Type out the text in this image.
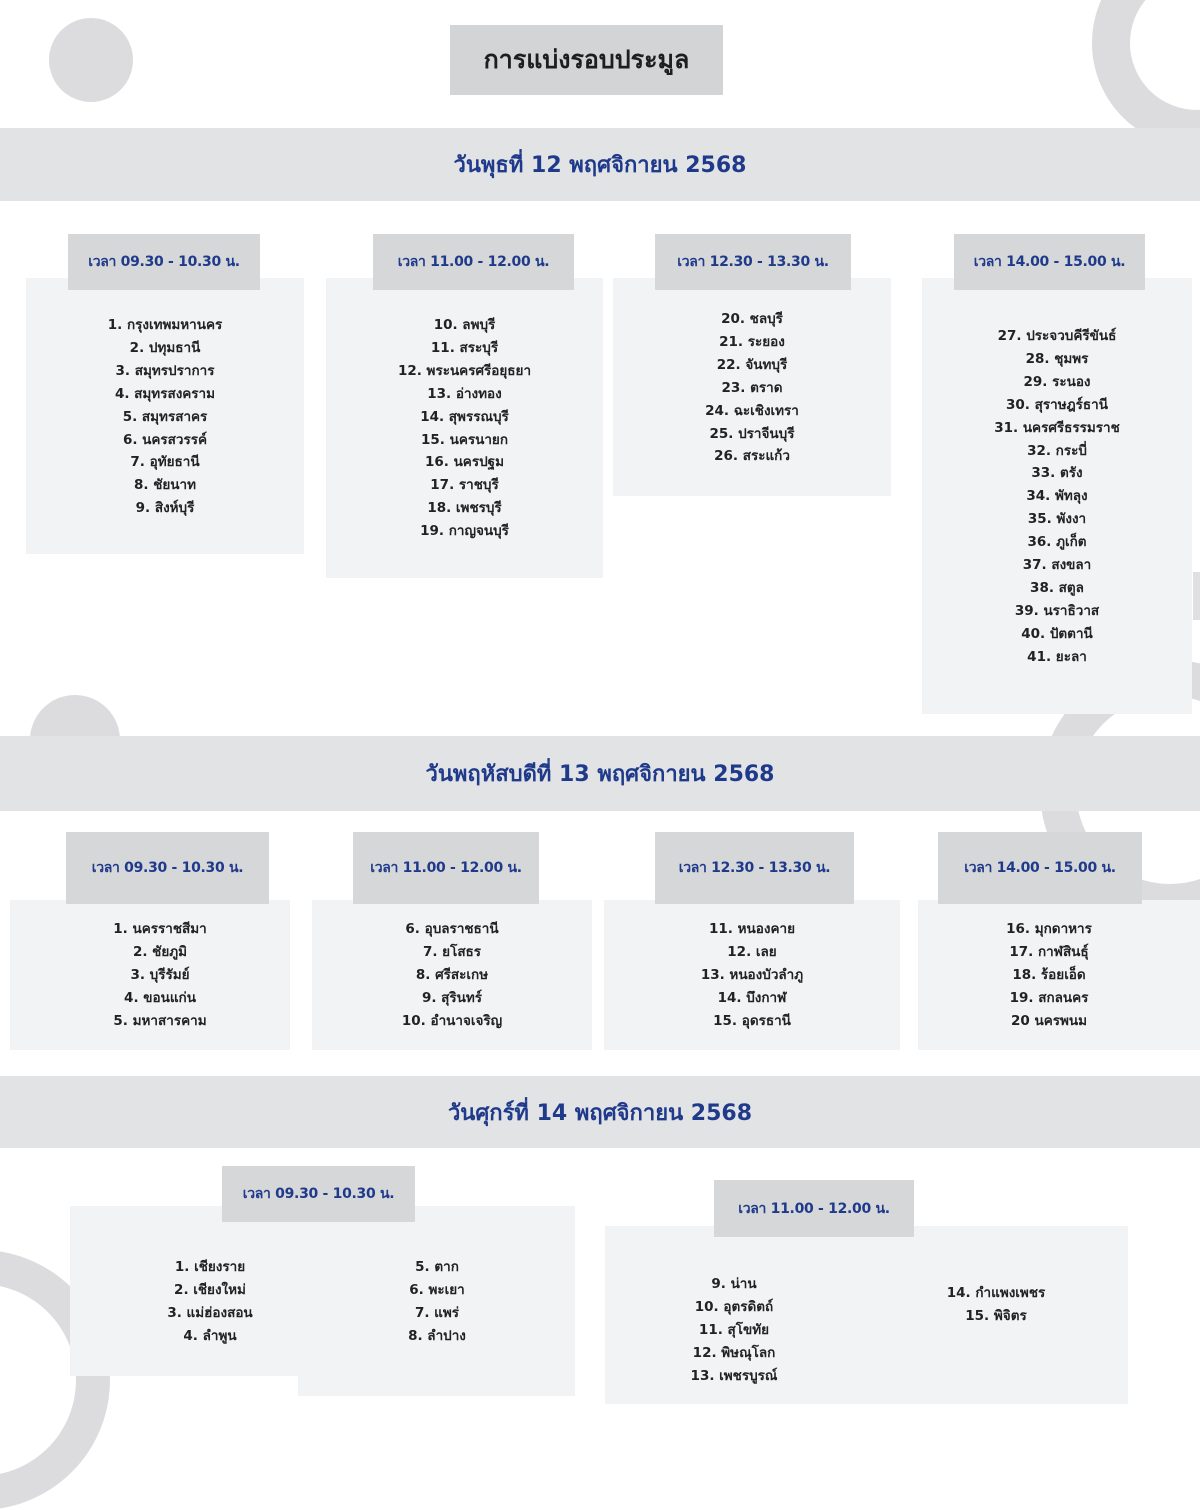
การแบ่งรอบประมูล
วันพุธที่ 12 พฤศจิกายน 2568
เวลา 09.30 - 10.30 น.
1. กรุงเทพมหานคร
2. ปทุมธานี
3. สมุทรปราการ
4. สมุทรสงคราม
5. สมุทรสาคร
6. นครสวรรค์
7. อุทัยธานี
8. ชัยนาท
9. สิงห์บุรี
เวลา 11.00 - 12.00 น.
10. ลพบุรี
11. สระบุรี
12. พระนครศรีอยุธยา
13. อ่างทอง
14. สุพรรณบุรี
15. นครนายก
16. นครปฐม
17. ราชบุรี
18. เพชรบุรี
19. กาญจนบุรี
เวลา 12.30 - 13.30 น.
20. ชลบุรี
21. ระยอง
22. จันทบุรี
23. ตราด
24. ฉะเชิงเทรา
25. ปราจีนบุรี
26. สระแก้ว
เวลา 14.00 - 15.00 น.
27. ประจวบคีรีขันธ์
28. ชุมพร
29. ระนอง
30. สุราษฎร์ธานี
31. นครศรีธรรมราช
32. กระบี่
33. ตรัง
34. พัทลุง
35. พังงา
36. ภูเก็ต
37. สงขลา
38. สตูล
39. นราธิวาส
40. ปัตตานี
41. ยะลา
วันพฤหัสบดีที่ 13 พฤศจิกายน 2568
เวลา 09.30 - 10.30 น.
1. นครราชสีมา
2. ชัยภูมิ
3. บุรีรัมย์
4. ขอนแก่น
5. มหาสารคาม
เวลา 11.00 - 12.00 น.
6. อุบลราชธานี
7. ยโสธร
8. ศรีสะเกษ
9. สุรินทร์
10. อำนาจเจริญ
เวลา 12.30 - 13.30 น.
11. หนองคาย
12. เลย
13. หนองบัวลำภู
14. บึงกาฬ
15. อุดรธานี
เวลา 14.00 - 15.00 น.
16. มุกดาหาร
17. กาฬสินธุ์
18. ร้อยเอ็ด
19. สกลนคร
20 นครพนม
วันศุกร์ที่ 14 พฤศจิกายน 2568
เวลา 09.30 - 10.30 น.
1. เชียงราย
2. เชียงใหม่
3. แม่ฮ่องสอน
4. ลำพูน
5. ตาก
6. พะเยา
7. แพร่
8. ลำปาง
เวลา 11.00 - 12.00 น.
9. น่าน
10. อุตรดิตถ์
11. สุโขทัย
12. พิษณุโลก
13. เพชรบูรณ์
14. กำแพงเพชร
15. พิจิตร
